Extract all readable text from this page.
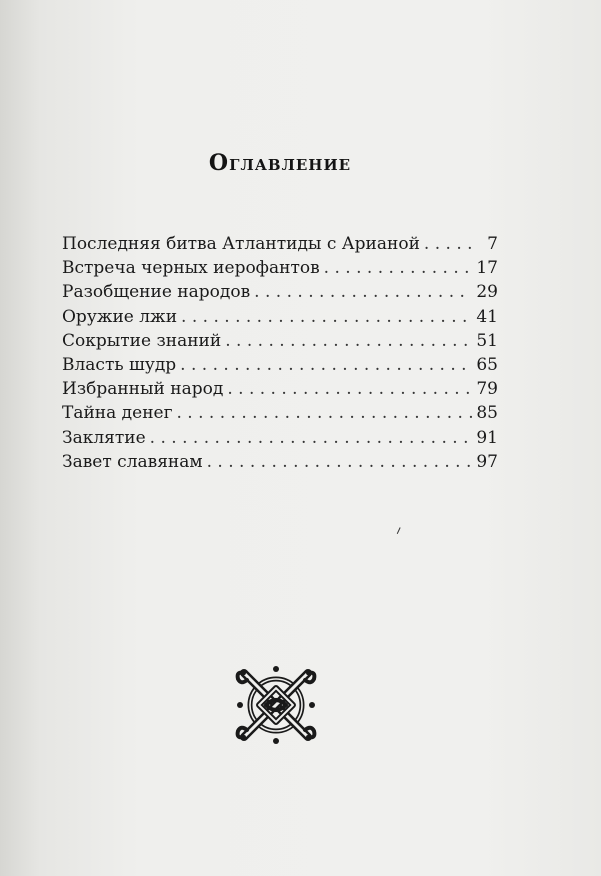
Оглавление
Последняя битва Атлантиды с Арианой . . .	7
Встреча черных иерофантов . . .	17
Разобщение народов . . .	29
Оружие лжи . . .	41
Сокрытие знаний . . .	51
Власть шудр . . .	65
Избранный народ . . .	79
Тайна денег . . .	85
Заклятие . . .	91
Завет славянам . . .	97
